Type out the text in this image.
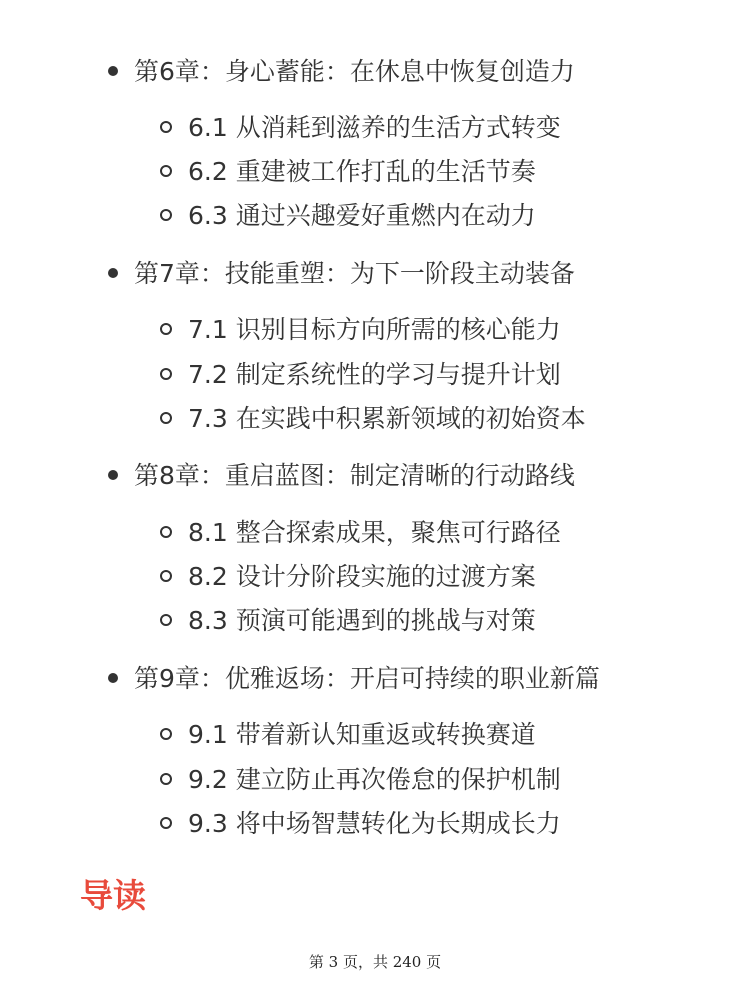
第6章：身心蓄能：在休息中恢复创造力
6.1 从消耗到滋养的生活方式转变
6.2 重建被工作打乱的生活节奏
6.3 通过兴趣爱好重燃内在动力
第7章：技能重塑：为下一阶段主动装备
7.1 识别目标方向所需的核心能力
7.2 制定系统性的学习与提升计划
7.3 在实践中积累新领域的初始资本
第8章：重启蓝图：制定清晰的行动路线
8.1 整合探索成果，聚焦可行路径
8.2 设计分阶段实施的过渡方案
8.3 预演可能遇到的挑战与对策
第9章：优雅返场：开启可持续的职业新篇
9.1 带着新认知重返或转换赛道
9.2 建立防止再次倦怠的保护机制
9.3 将中场智慧转化为长期成长力
导读
第 3 页，共 240 页
